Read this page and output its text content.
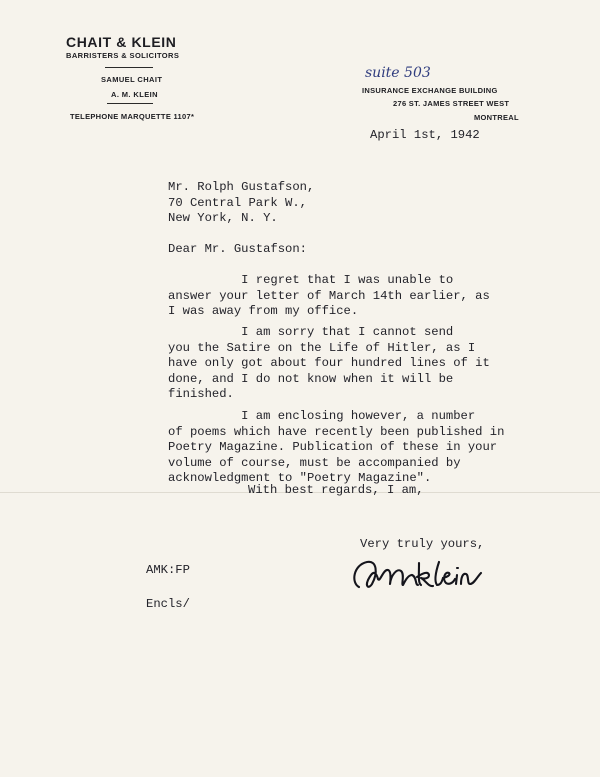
CHAIT & KLEIN

BARRISTERS & SOLICITORS

SAMUEL CHAIT

A. M. KLEIN

TELEPHONE MARQUETTE 1107*

suite 503

INSURANCE EXCHANGE BUILDING

276 ST. JAMES STREET WEST

MONTREAL

April 1st, 1942

Mr. Rolph Gustafson,
70 Central Park W.,
New York, N. Y.

Dear Mr. Gustafson:

I regret that I was unable to
answer your letter of March 14th earlier, as
I was away from my office.

I am sorry that I cannot send
you the Satire on the Life of Hitler, as I
have only got about four hundred lines of it
done, and I do not know when it will be
finished.

I am enclosing however, a number
of poems which have recently been published in
Poetry Magazine. Publication of these in your
volume of course, must be accompanied by
acknowledgment to "Poetry Magazine".

With best regards, I am,

Very truly yours,

AMK:FP

Encls/
